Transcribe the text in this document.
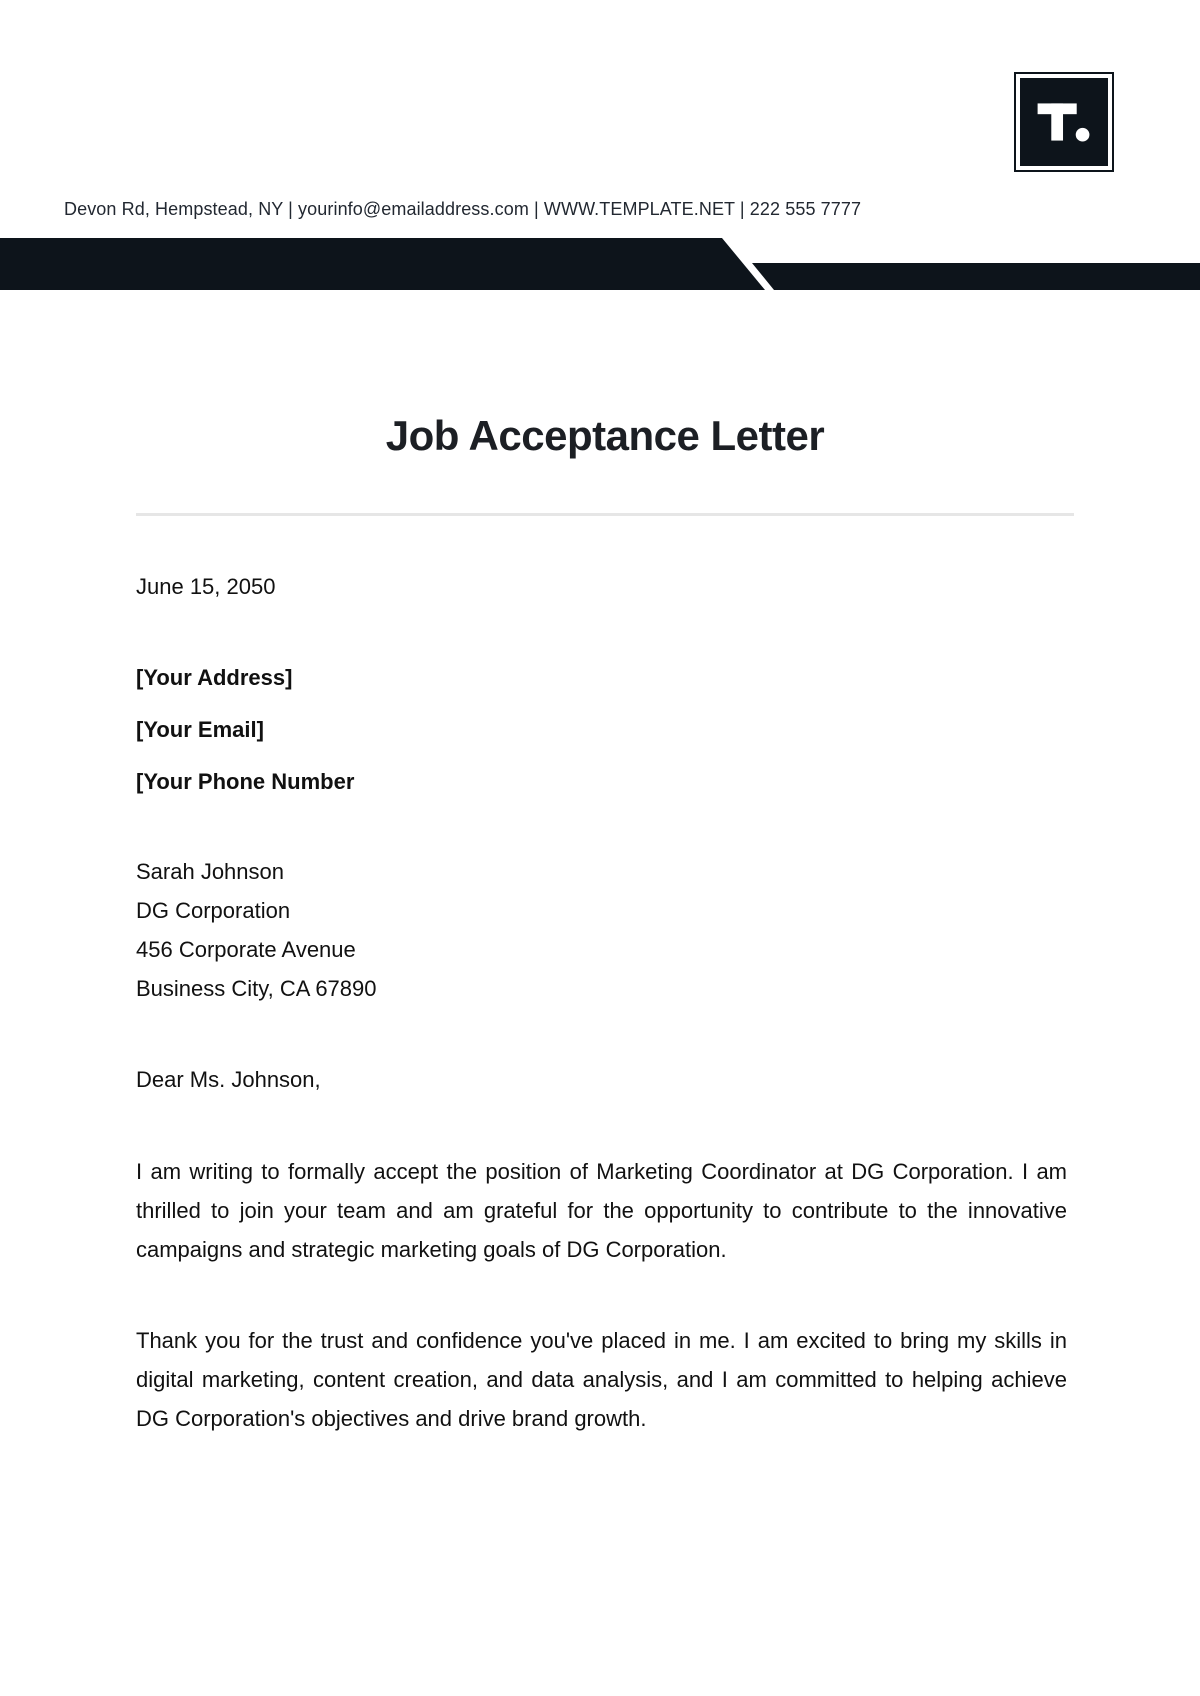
Devon Rd, Hempstead, NY | yourinfo@emailaddress.com | WWW.TEMPLATE.NET | 222 555 7777
Job Acceptance Letter
June 15, 2050
[Your Address]
[Your Email]
[Your Phone Number
Sarah Johnson
DG Corporation
456 Corporate Avenue
Business City, CA 67890
Dear Ms. Johnson,
I am writing to formally accept the position of Marketing Coordinator at DG Corporation. I am thrilled to join your team and am grateful for the opportunity to contribute to the innovative campaigns and strategic marketing goals of DG Corporation.
Thank you for the trust and confidence you've placed in me. I am excited to bring my skills in digital marketing, content creation, and data analysis, and I am committed to helping achieve DG Corporation's objectives and drive brand growth.
